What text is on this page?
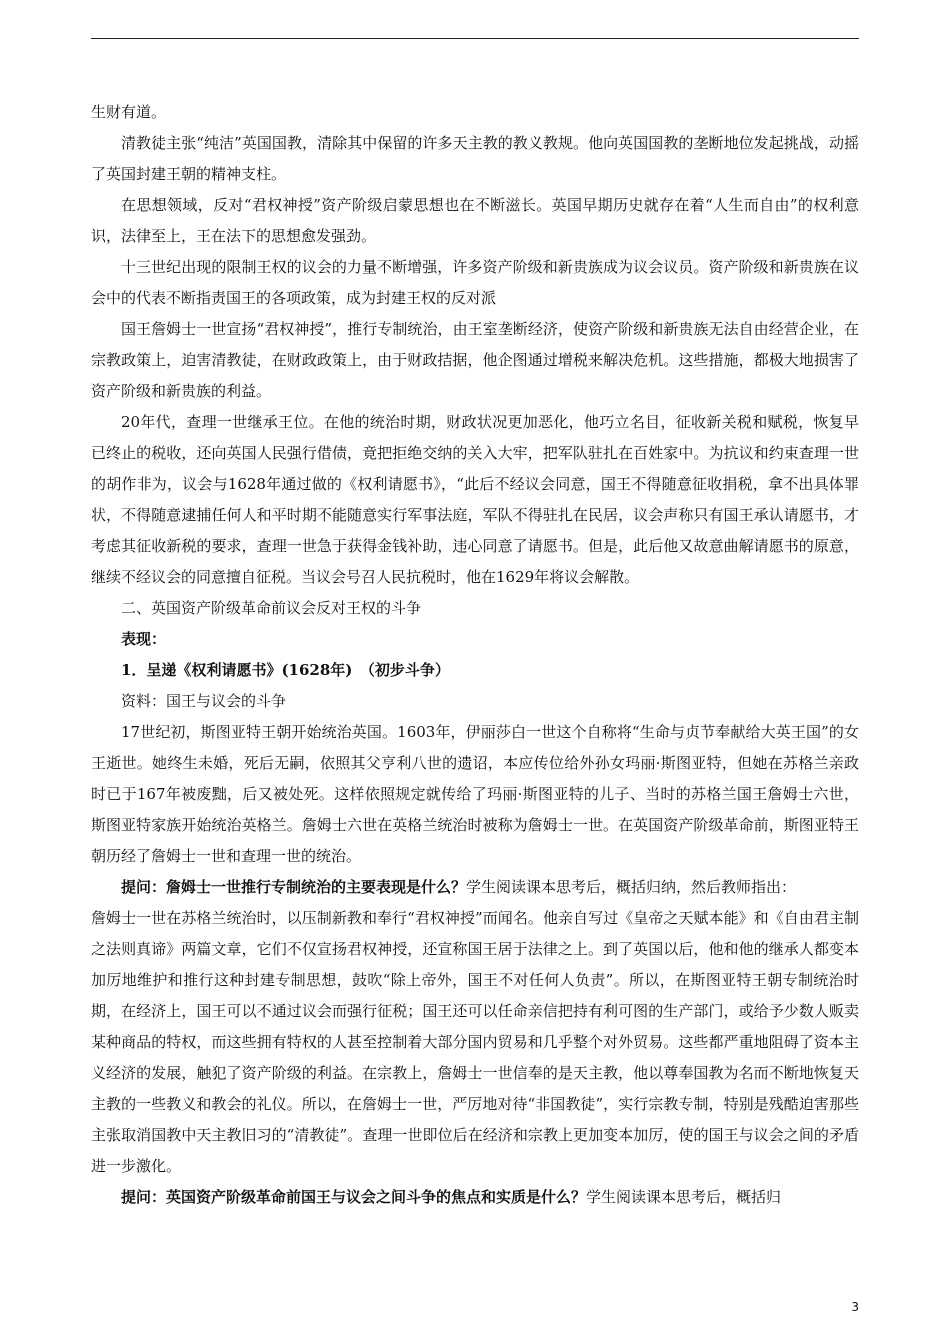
生财有道。

清教徒主张“纯洁”英国国教，清除其中保留的许多天主教的教义教规。他向英国国教的垄断地位发起挑战，动摇了英国封建王朝的精神支柱。

在思想领域，反对“君权神授”资产阶级启蒙思想也在不断滋长。英国早期历史就存在着“人生而自由”的权利意识，法律至上，王在法下的思想愈发强劲。

十三世纪出现的限制王权的议会的力量不断增强，许多资产阶级和新贵族成为议会议员。资产阶级和新贵族在议会中的代表不断指责国王的各项政策，成为封建王权的反对派

国王詹姆士一世宣扬“君权神授”，推行专制统治，由王室垄断经济，使资产阶级和新贵族无法自由经营企业，在宗教政策上，迫害清教徒，在财政政策上，由于财政拮据，他企图通过增税来解决危机。这些措施，都极大地损害了资产阶级和新贵族的利益。

20年代，查理一世继承王位。在他的统治时期，财政状况更加恶化，他巧立名目，征收新关税和赋税，恢复早已终止的税收，还向英国人民强行借债，竟把拒绝交纳的关入大牢，把军队驻扎在百姓家中。为抗议和约束查理一世的胡作非为，议会与1628年通过做的《权利请愿书》，“此后不经议会同意，国王不得随意征收捐税，拿不出具体罪状，不得随意逮捕任何人和平时期不能随意实行军事法庭，军队不得驻扎在民居，议会声称只有国王承认请愿书，才考虑其征收新税的要求，查理一世急于获得金钱补助，违心同意了请愿书。但是，此后他又故意曲解请愿书的原意，继续不经议会的同意擅自征税。当议会号召人民抗税时，他在1629年将议会解散。

二、英国资产阶级革命前议会反对王权的斗争

表现：

1．呈递《权利请愿书》(1628年)　（初步斗争）

资料：国王与议会的斗争

17世纪初，斯图亚特王朝开始统治英国。1603年，伊丽莎白一世这个自称将“生命与贞节奉献给大英王国”的女王逝世。她终生未婚，死后无嗣，依照其父亨利八世的遗诏，本应传位给外孙女玛丽·斯图亚特，但她在苏格兰亲政时已于167年被废黜，后又被处死。这样依照规定就传给了玛丽·斯图亚特的儿子、当时的苏格兰国王詹姆士六世，斯图亚特家族开始统治英格兰。詹姆士六世在英格兰统治时被称为詹姆士一世。在英国资产阶级革命前，斯图亚特王朝历经了詹姆士一世和查理一世的统治。

提问：詹姆士一世推行专制统治的主要表现是什么？学生阅读课本思考后，概括归纳，然后教师指出：

詹姆士一世在苏格兰统治时，以压制新教和奉行“君权神授”而闻名。他亲自写过《皇帝之天赋本能》和《自由君主制之法则真谛》两篇文章，它们不仅宣扬君权神授，还宣称国王居于法律之上。到了英国以后，他和他的继承人都变本加厉地维护和推行这种封建专制思想，鼓吹“除上帝外，国王不对任何人负责”。所以，在斯图亚特王朝专制统治时期，在经济上，国王可以不通过议会而强行征税；国王还可以任命亲信把持有利可图的生产部门，或给予少数人贩卖某种商品的特权，而这些拥有特权的人甚至控制着大部分国内贸易和几乎整个对外贸易。这些都严重地阻碍了资本主义经济的发展，触犯了资产阶级的利益。在宗教上，詹姆士一世信奉的是天主教，他以尊奉国教为名而不断地恢复天主教的一些教义和教会的礼仪。所以，在詹姆士一世，严厉地对待“非国教徒”，实行宗教专制，特别是残酷迫害那些主张取消国教中天主教旧习的“清教徒”。查理一世即位后在经济和宗教上更加变本加厉，使的国王与议会之间的矛盾进一步激化。

提问：英国资产阶级革命前国王与议会之间斗争的焦点和实质是什么？学生阅读课本思考后，概括归

3
